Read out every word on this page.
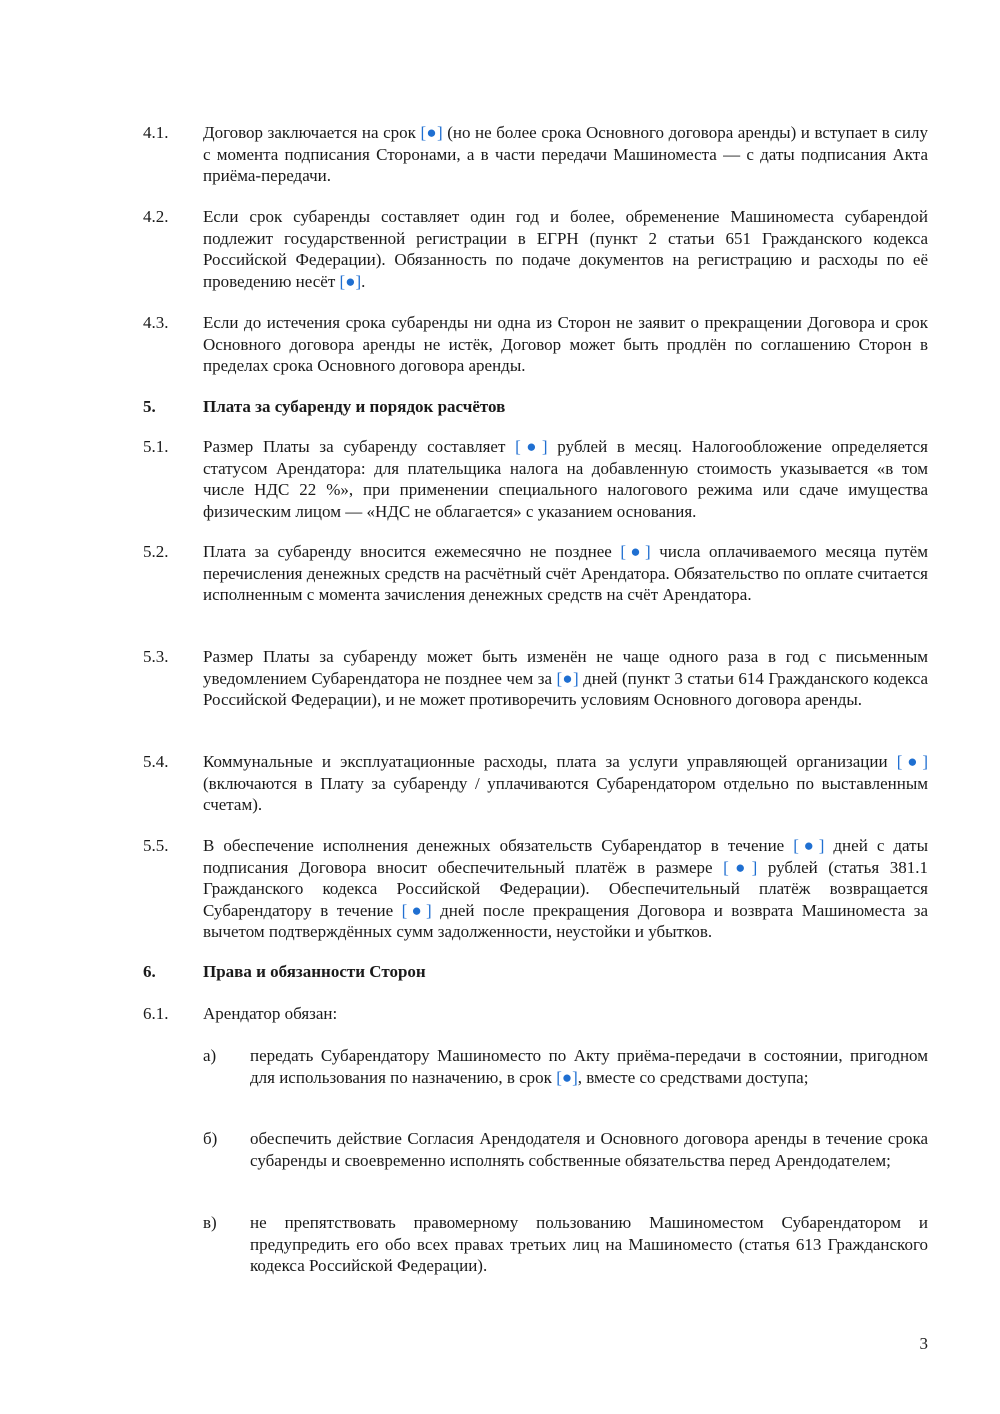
4.1. Договор заключается на срок [●] (но не более срока Основного договора аренды) и вступает в силу с момента подписания Сторонами, а в части передачи Машиноместа — с даты подписания Акта приёма-передачи.
4.2. Если срок субаренды составляет один год и более, обременение Машиноместа субарендой подлежит государственной регистрации в ЕГРН (пункт 2 статьи 651 Гражданского кодекса Российской Федерации). Обязанность по подаче документов на регистрацию и расходы по её проведению несёт [●].
4.3. Если до истечения срока субаренды ни одна из Сторон не заявит о прекращении Договора и срок Основного договора аренды не истёк, Договор может быть продлён по соглашению Сторон в пределах срока Основного договора аренды.
5.	Плата за субаренду и порядок расчётов
5.1. Размер Платы за субаренду составляет [●] рублей в месяц. Налогообложение определяется статусом Арендатора: для плательщика налога на добавленную стоимость указывается «в том числе НДС 22 %», при применении специального налогового режима или сдаче имущества физическим лицом — «НДС не облагается» с указанием основания.
5.2. Плата за субаренду вносится ежемесячно не позднее [●] числа оплачиваемого месяца путём перечисления денежных средств на расчётный счёт Арендатора. Обязательство по оплате считается исполненным с момента зачисления денежных средств на счёт Арендатора.
5.3. Размер Платы за субаренду может быть изменён не чаще одного раза в год с письменным уведомлением Субарендатора не позднее чем за [●] дней (пункт 3 статьи 614 Гражданского кодекса Российской Федерации), и не может противоречить условиям Основного договора аренды.
5.4. Коммунальные и эксплуатационные расходы, плата за услуги управляющей организации [●] (включаются в Плату за субаренду / уплачиваются Субарендатором отдельно по выставленным счетам).
5.5. В обеспечение исполнения денежных обязательств Субарендатор в течение [●] дней с даты подписания Договора вносит обеспечительный платёж в размере [●] рублей (статья 381.1 Гражданского кодекса Российской Федерации). Обеспечительный платёж возвращается Субарендатору в течение [●] дней после прекращения Договора и возврата Машиноместа за вычетом подтверждённых сумм задолженности, неустойки и убытков.
6.	Права и обязанности Сторон
6.1. Арендатор обязан:
а) передать Субарендатору Машиноместо по Акту приёма-передачи в состоянии, пригодном для использования по назначению, в срок [●], вместе со средствами доступа;
б) обеспечить действие Согласия Арендодателя и Основного договора аренды в течение срока субаренды и своевременно исполнять собственные обязательства перед Арендодателем;
в) не препятствовать правомерному пользованию Машиноместом Субарендатором и предупредить его обо всех правах третьих лиц на Машиноместо (статья 613 Гражданского кодекса Российской Федерации).
3
